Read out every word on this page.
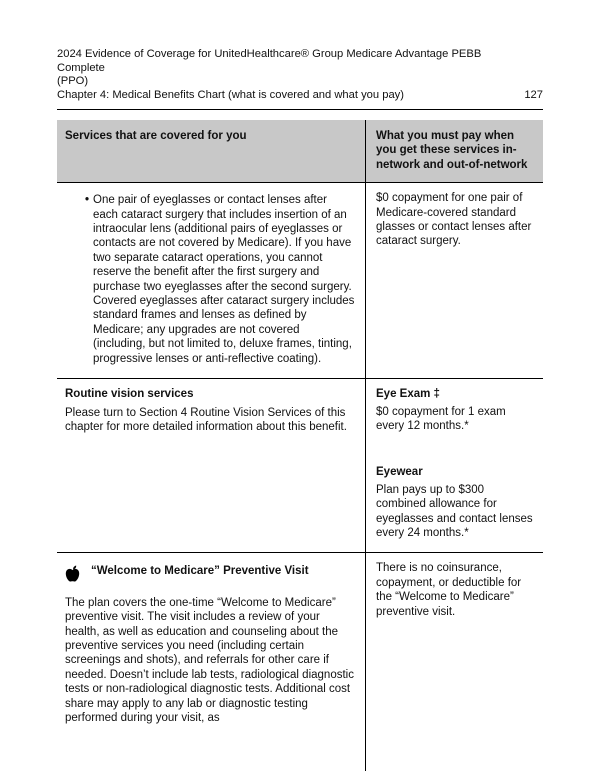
2024 Evidence of Coverage for UnitedHealthcare® Group Medicare Advantage PEBB Complete
(PPO)
Chapter 4: Medical Benefits Chart (what is covered and what you pay)	127
Services that are covered for you	What you must pay when you get these services in-network and out-of-network
• One pair of eyeglasses or contact lenses after each cataract surgery that includes insertion of an intraocular lens (additional pairs of eyeglasses or contacts are not covered by Medicare). If you have two separate cataract operations, you cannot reserve the benefit after the first surgery and purchase two eyeglasses after the second surgery. Covered eyeglasses after cataract surgery includes standard frames and lenses as defined by Medicare; any upgrades are not covered (including, but not limited to, deluxe frames, tinting, progressive lenses or anti-reflective coating).
$0 copayment for one pair of Medicare-covered standard glasses or contact lenses after cataract surgery.
Routine vision services
Please turn to Section 4 Routine Vision Services of this chapter for more detailed information about this benefit.
Eye Exam ‡
$0 copayment for 1 exam every 12 months.*
Eyewear
Plan pays up to $300 combined allowance for eyeglasses and contact lenses every 24 months.*
“Welcome to Medicare” Preventive Visit
The plan covers the one-time “Welcome to Medicare” preventive visit. The visit includes a review of your health, as well as education and counseling about the preventive services you need (including certain screenings and shots), and referrals for other care if needed. Doesn’t include lab tests, radiological diagnostic tests or non-radiological diagnostic tests. Additional cost share may apply to any lab or diagnostic testing performed during your visit, as
There is no coinsurance, copayment, or deductible for the “Welcome to Medicare” preventive visit.
